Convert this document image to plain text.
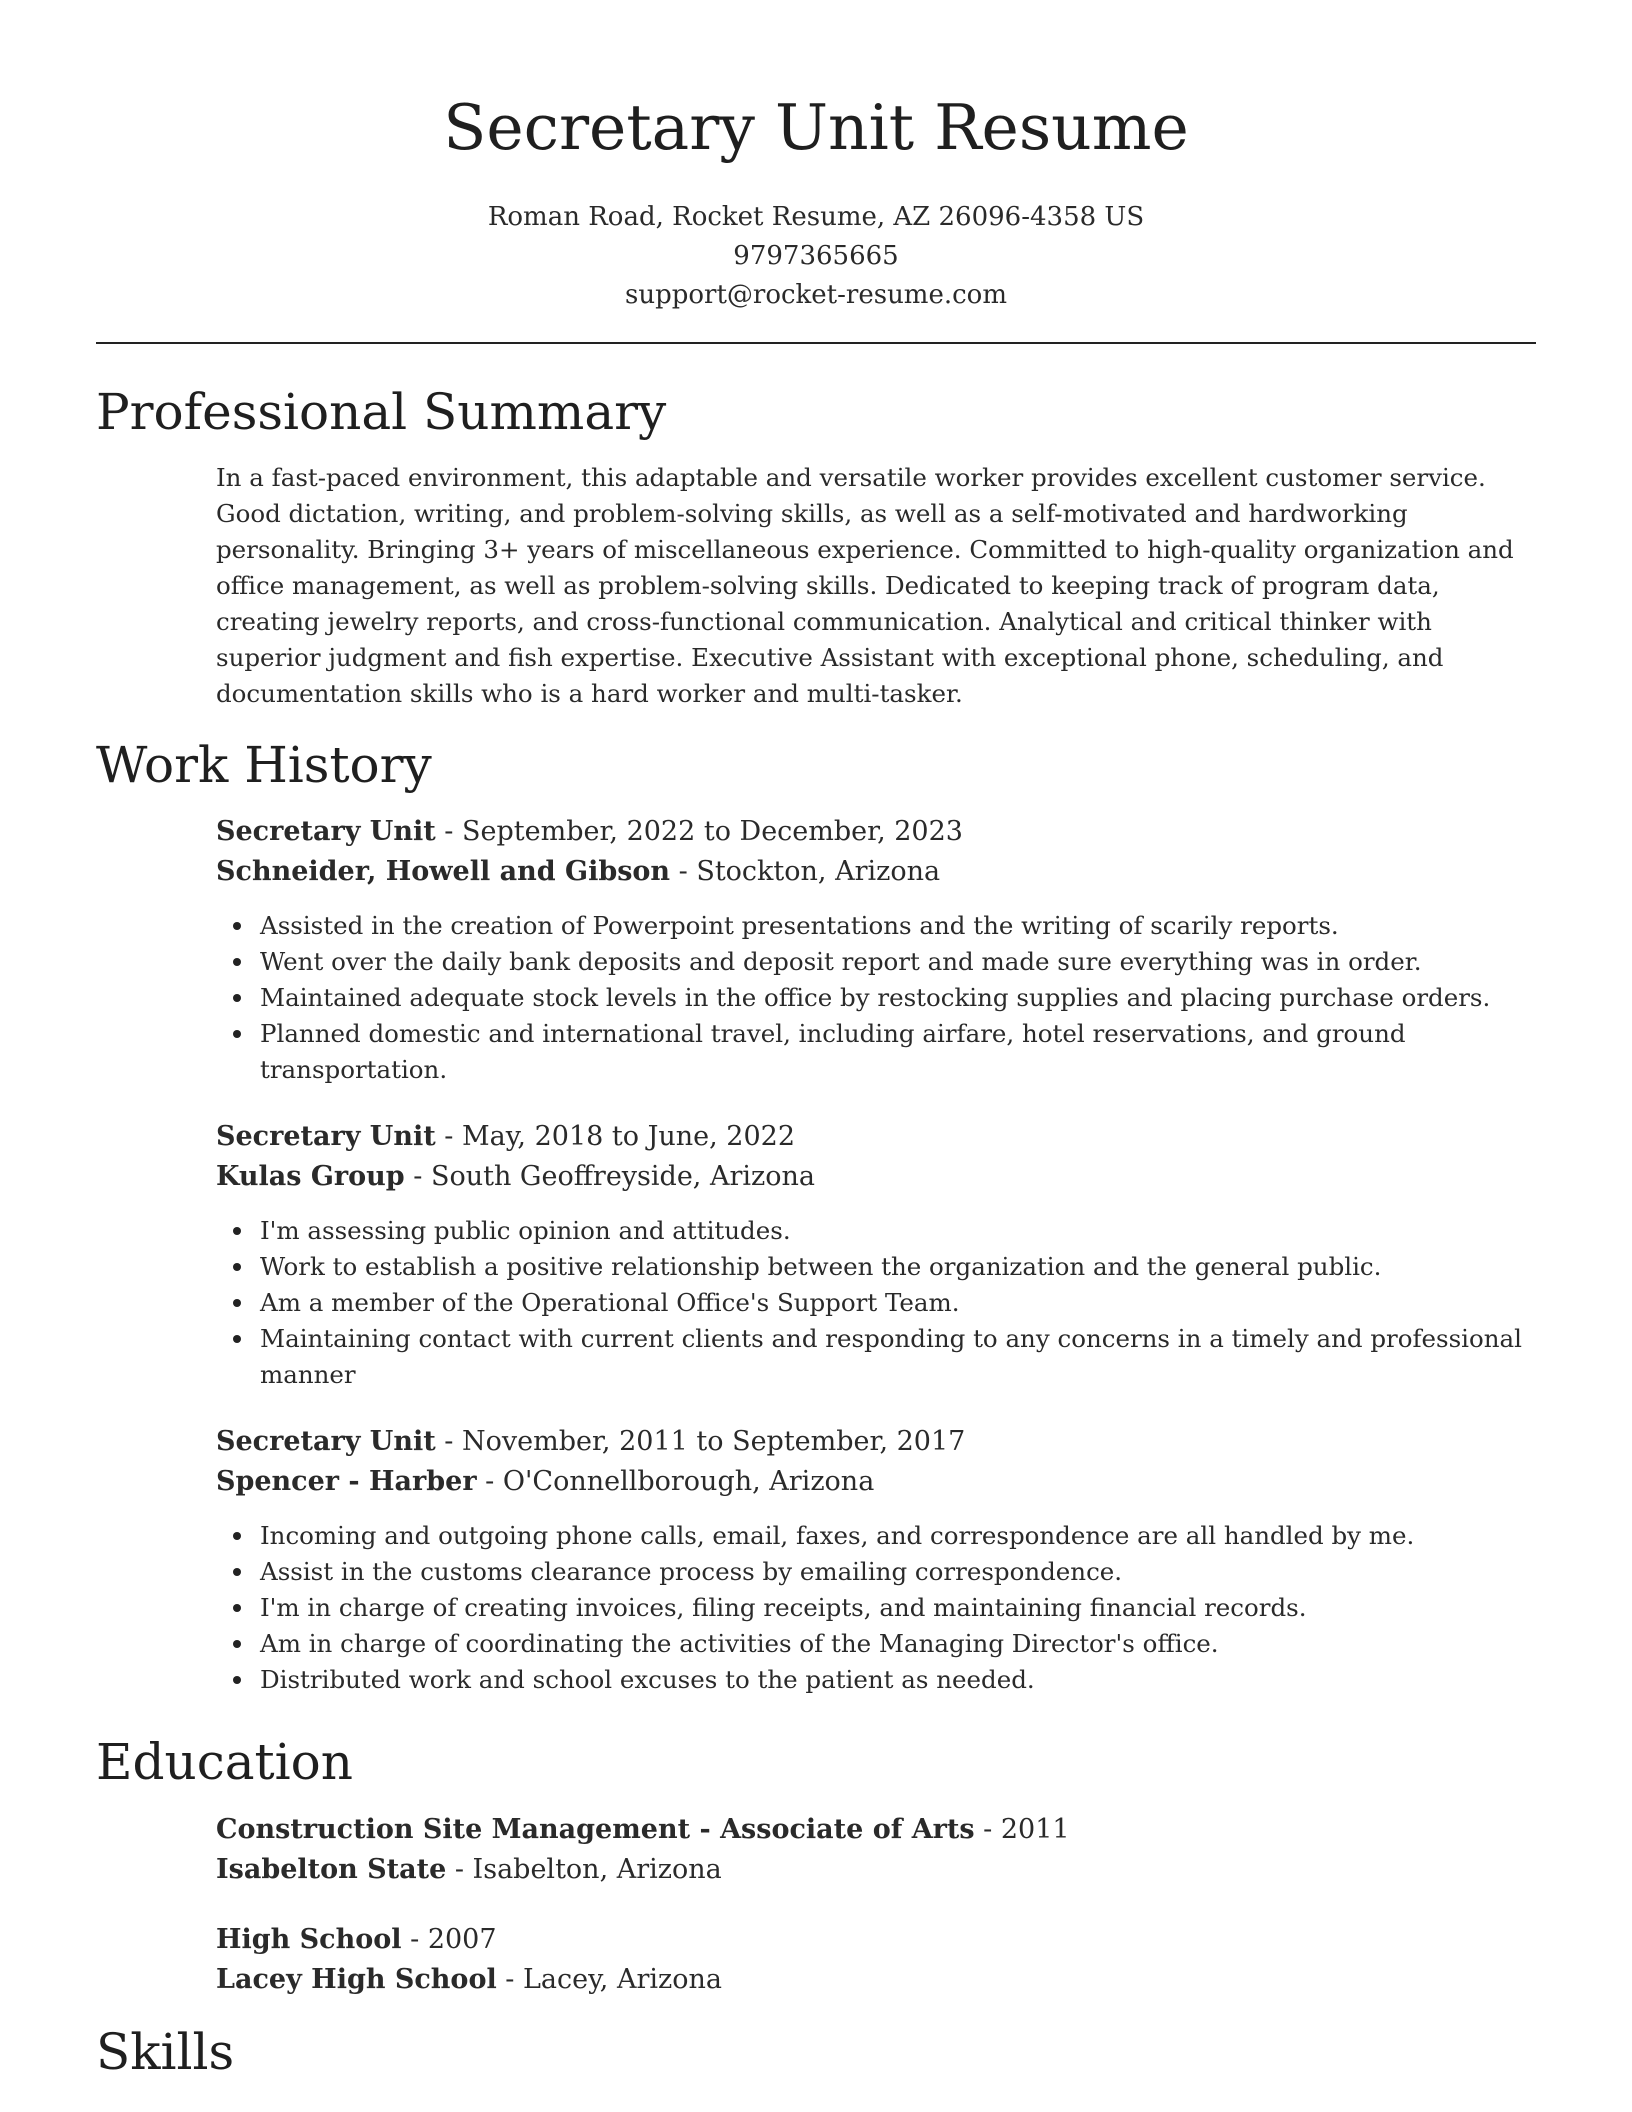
Secretary Unit Resume
Roman Road, Rocket Resume, AZ 26096-4358 US
9797365665
support@rocket-resume.com
Professional Summary
In a fast-paced environment, this adaptable and versatile worker provides excellent customer service. Good dictation, writing, and problem-solving skills, as well as a self-motivated and hardworking personality. Bringing 3+ years of miscellaneous experience. Committed to high-quality organization and office management, as well as problem-solving skills. Dedicated to keeping track of program data, creating jewelry reports, and cross-functional communication. Analytical and critical thinker with superior judgment and fish expertise. Executive Assistant with exceptional phone, scheduling, and documentation skills who is a hard worker and multi-tasker.
Work History
Secretary Unit - September, 2022 to December, 2023
Schneider, Howell and Gibson - Stockton, Arizona
Assisted in the creation of Powerpoint presentations and the writing of scarily reports.
Went over the daily bank deposits and deposit report and made sure everything was in order.
Maintained adequate stock levels in the office by restocking supplies and placing purchase orders.
Planned domestic and international travel, including airfare, hotel reservations, and ground transportation.
Secretary Unit - May, 2018 to June, 2022
Kulas Group - South Geoffreyside, Arizona
I'm assessing public opinion and attitudes.
Work to establish a positive relationship between the organization and the general public.
Am a member of the Operational Office's Support Team.
Maintaining contact with current clients and responding to any concerns in a timely and professional manner
Secretary Unit - November, 2011 to September, 2017
Spencer - Harber - O'Connellborough, Arizona
Incoming and outgoing phone calls, email, faxes, and correspondence are all handled by me.
Assist in the customs clearance process by emailing correspondence.
I'm in charge of creating invoices, filing receipts, and maintaining financial records.
Am in charge of coordinating the activities of the Managing Director's office.
Distributed work and school excuses to the patient as needed.
Education
Construction Site Management - Associate of Arts - 2011
Isabelton State - Isabelton, Arizona
High School - 2007
Lacey High School - Lacey, Arizona
Skills
